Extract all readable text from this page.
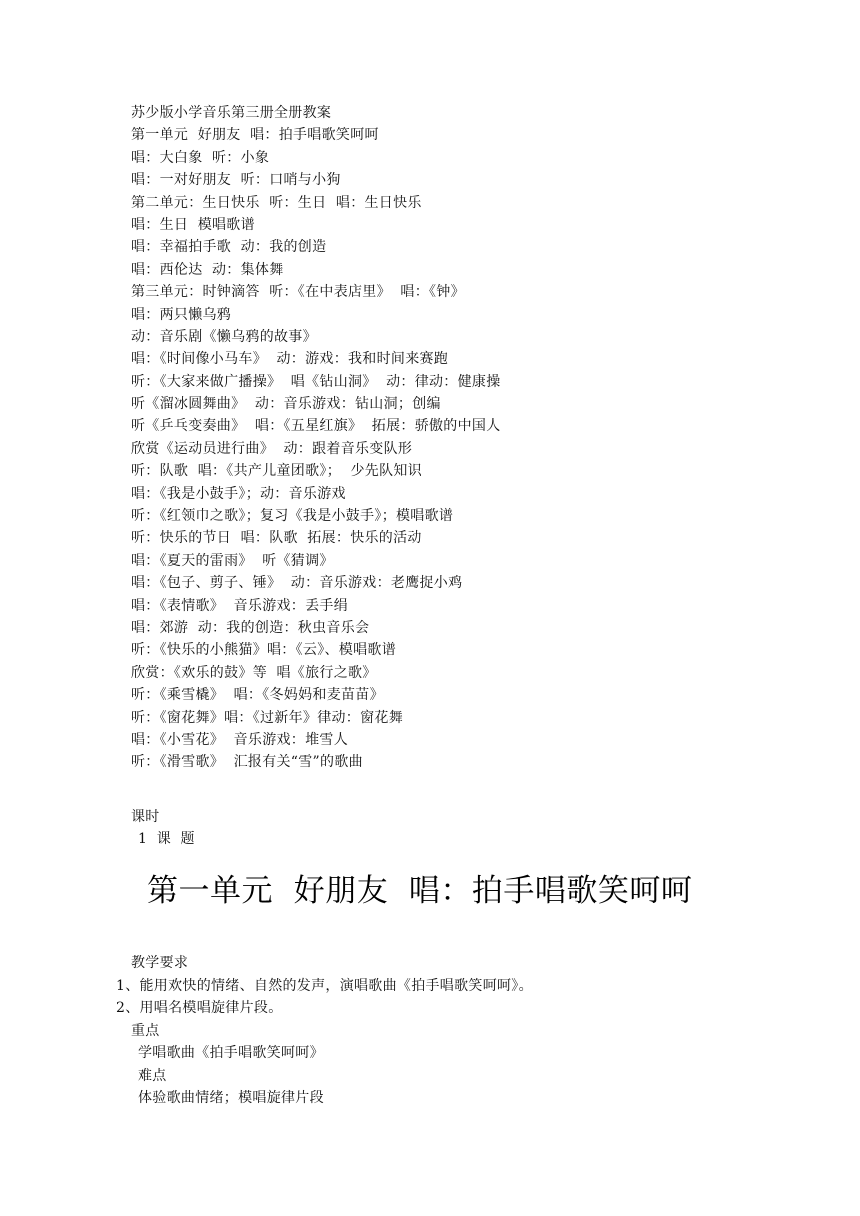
苏少版小学音乐第三册全册教案
第一单元  好朋友  唱：拍手唱歌笑呵呵
唱：大白象  听：小象
唱：一对好朋友  听：口哨与小狗
第二单元：生日快乐  听：生日  唱：生日快乐
唱：生日  模唱歌谱
唱：幸福拍手歌  动：我的创造
唱：西伦达  动：集体舞
第三单元：时钟滴答  听：《在中表店里》  唱：《钟》
唱：两只懒乌鸦
动：音乐剧《懒乌鸦的故事》
唱：《时间像小马车》  动：游戏：我和时间来赛跑
听：《大家来做广播操》  唱《钻山洞》  动：律动：健康操
听《溜冰圆舞曲》  动：音乐游戏：钻山洞；创编
听《乒乓变奏曲》  唱：《五星红旗》  拓展：骄傲的中国人
欣赏《运动员进行曲》  动：跟着音乐变队形
听：队歌  唱：《共产儿童团歌》；  少先队知识
唱：《我是小鼓手》；动：音乐游戏
听：《红领巾之歌》；复习《我是小鼓手》；模唱歌谱
听：快乐的节日  唱：队歌  拓展：快乐的活动
唱：《夏天的雷雨》  听《猜调》
唱：《包子、剪子、锤》  动：音乐游戏：老鹰捉小鸡
唱：《表情歌》  音乐游戏：丢手绢
唱：郊游  动：我的创造：秋虫音乐会
听：《快乐的小熊猫》唱：《云》、模唱歌谱
欣赏：《欢乐的鼓》等  唱《旅行之歌》
听：《乘雪橇》  唱：《冬妈妈和麦苗苗》
听：《窗花舞》唱：《过新年》律动：窗花舞
唱：《小雪花》  音乐游戏：堆雪人
听：《滑雪歌》  汇报有关“雪”的歌曲
课时
1  课  题
第一单元  好朋友  唱：拍手唱歌笑呵呵
教学要求
1、能用欢快的情绪、自然的发声，演唱歌曲《拍手唱歌笑呵呵》。
2、用唱名模唱旋律片段。
重点
学唱歌曲《拍手唱歌笑呵呵》
难点
体验歌曲情绪；模唱旋律片段
